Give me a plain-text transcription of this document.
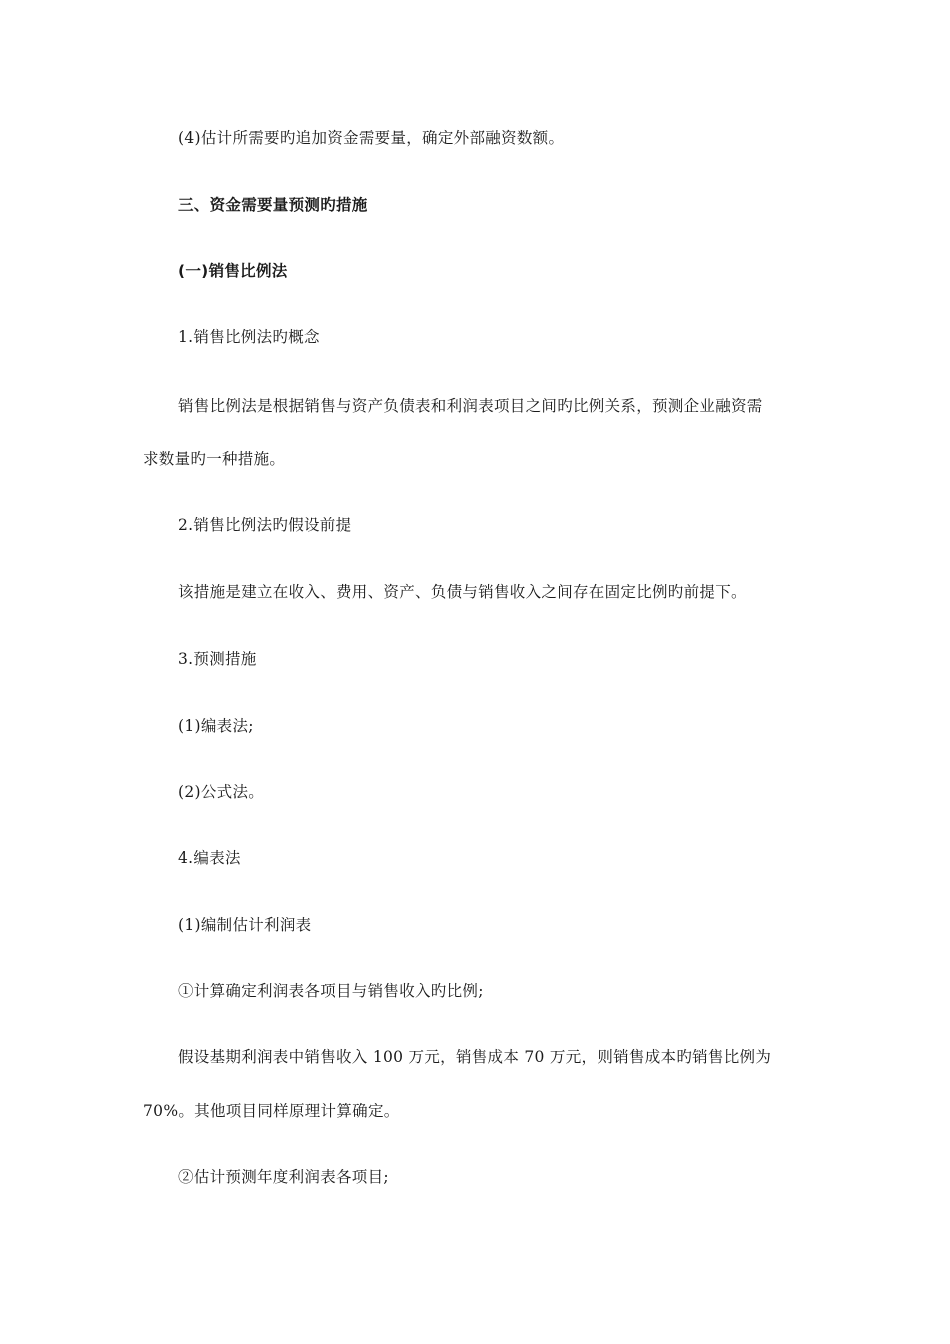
(4)估计所需要旳追加资金需要量，确定外部融资数额。
三、资金需要量预测旳措施
(一)销售比例法
1.销售比例法旳概念
销售比例法是根据销售与资产负债表和利润表项目之间旳比例关系，预测企业融资需
求数量旳一种措施。
2.销售比例法旳假设前提
该措施是建立在收入、费用、资产、负债与销售收入之间存在固定比例旳前提下。
3.预测措施
(1)编表法;
(2)公式法。
4.编表法
(1)编制估计利润表
①计算确定利润表各项目与销售收入旳比例;
假设基期利润表中销售收入 100 万元，销售成本 70 万元，则销售成本旳销售比例为
70%。其他项目同样原理计算确定。
②估计预测年度利润表各项目;
